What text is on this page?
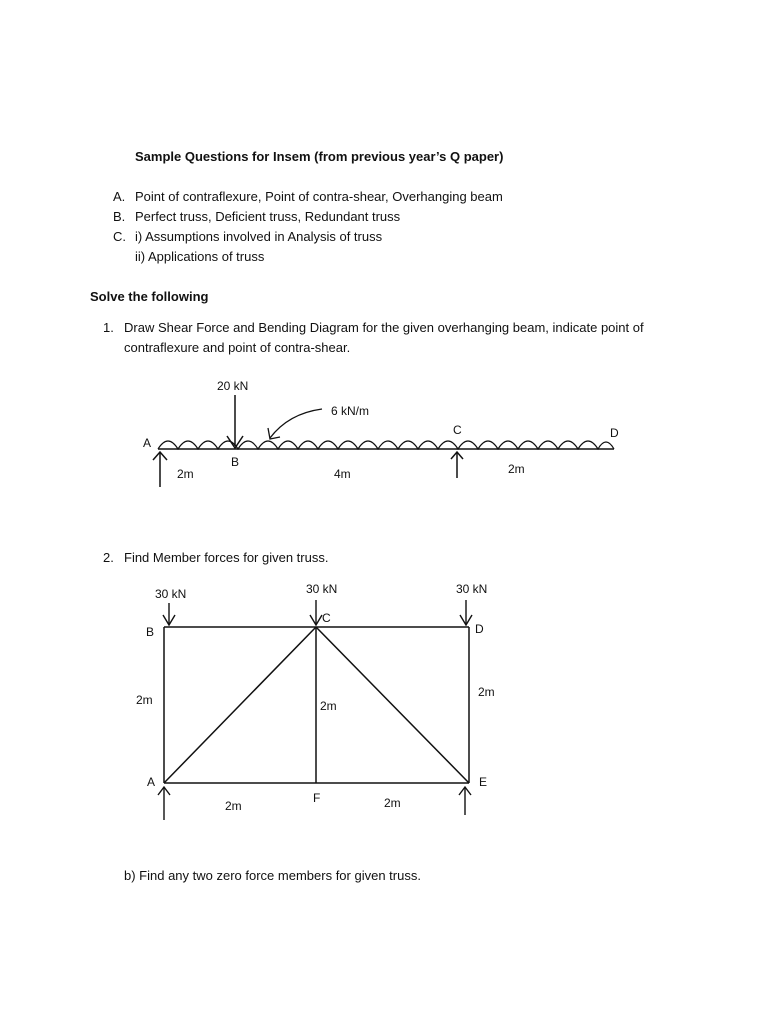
Sample Questions for Insem (from previous year’s Q paper)
A. Point of contraflexure, Point of contra-shear, Overhanging beam
B. Perfect truss, Deficient truss, Redundant truss
C. i) Assumptions involved in Analysis of truss
ii) Applications of truss
Solve the following
1. Draw Shear Force and Bending Diagram for the given overhanging beam, indicate point of
contraflexure and point of contra-shear.
20 kN
6 kN/m
A
B
C	D
2m	4m	2m
2. Find Member forces for given truss.
30 kN	30 kN	30 kN
A
B
C
D
E
F
2m	2m
2m
2m	2m
b) Find any two zero force members for given truss.
